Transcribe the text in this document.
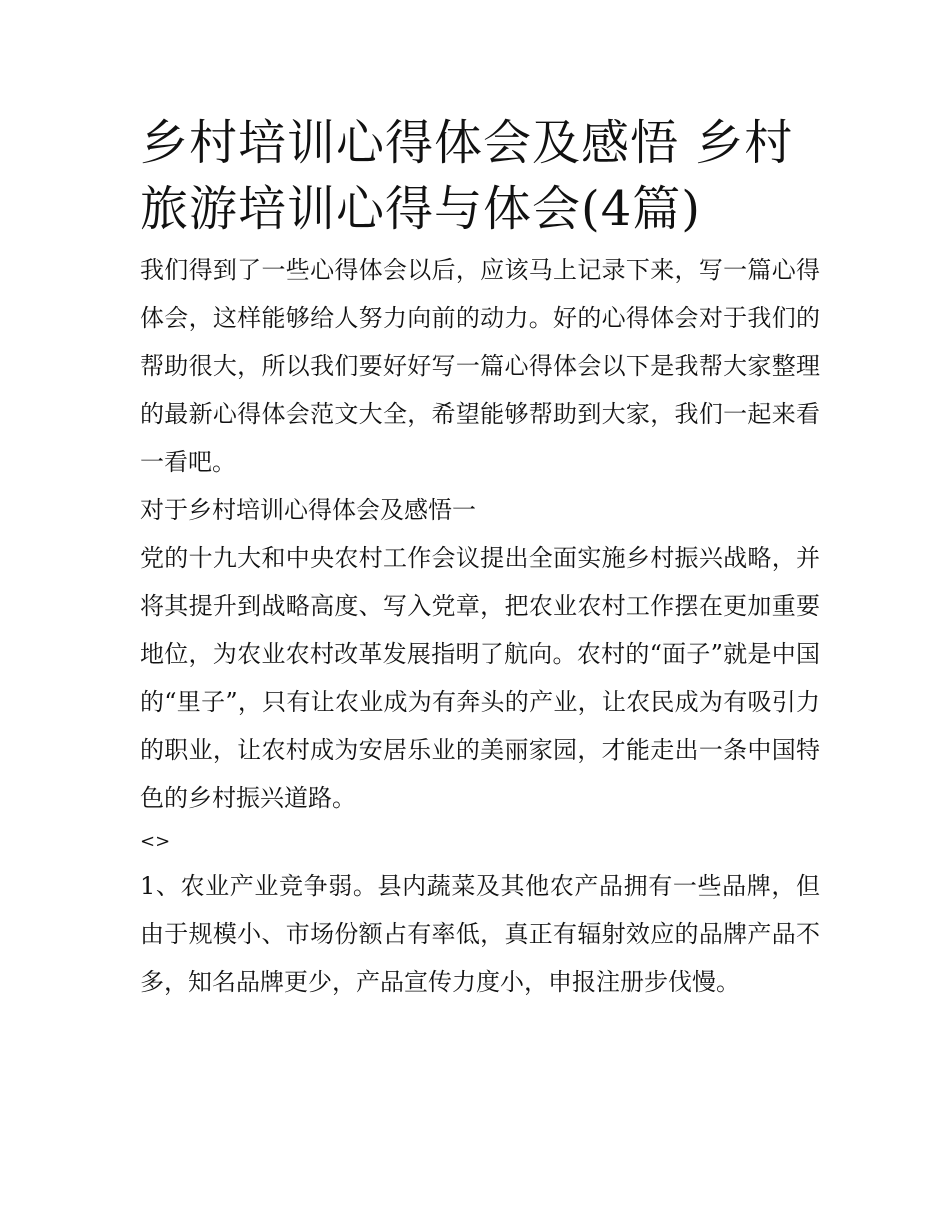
乡村培训心得体会及感悟 乡村旅游培训心得与体会(4篇)

我们得到了一些心得体会以后，应该马上记录下来，写一篇心得体会，这样能够给人努力向前的动力。好的心得体会对于我们的帮助很大，所以我们要好好写一篇心得体会以下是我帮大家整理的最新心得体会范文大全，希望能够帮助到大家，我们一起来看一看吧。

对于乡村培训心得体会及感悟一

党的十九大和中央农村工作会议提出全面实施乡村振兴战略，并将其提升到战略高度、写入党章，把农业农村工作摆在更加重要地位，为农业农村改革发展指明了航向。农村的“面子”就是中国的“里子”，只有让农业成为有奔头的产业，让农民成为有吸引力的职业，让农村成为安居乐业的美丽家园，才能走出一条中国特色的乡村振兴道路。

<>

1、农业产业竞争弱。县内蔬菜及其他农产品拥有一些品牌，但由于规模小、市场份额占有率低，真正有辐射效应的品牌产品不多，知名品牌更少，产品宣传力度小，申报注册步伐慢。
